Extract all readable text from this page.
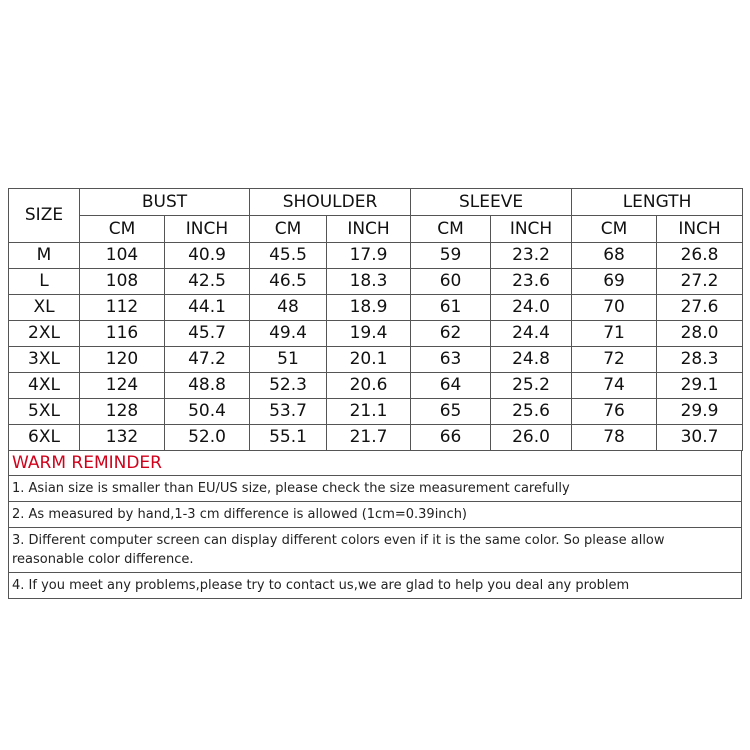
SIZE	BUST		SHOULDER		SLEEVE		LENGTH	
	CM	INCH	CM	INCH	CM	INCH	CM	INCH
M	104	40.9	45.5	17.9	59	23.2	68	26.8
L	108	42.5	46.5	18.3	60	23.6	69	27.2
XL	112	44.1	48	18.9	61	24.0	70	27.6
2XL	116	45.7	49.4	19.4	62	24.4	71	28.0
3XL	120	47.2	51	20.1	63	24.8	72	28.3
4XL	124	48.8	52.3	20.6	64	25.2	74	29.1
5XL	128	50.4	53.7	21.1	65	25.6	76	29.9
6XL	132	52.0	55.1	21.7	66	26.0	78	30.7
WARM REMINDER
1. Asian size is smaller than EU/US size, please check the size measurement carefully
2. As measured by hand,1-3 cm difference is allowed (1cm=0.39inch)
3. Different computer screen can display different colors even if it is the same color. So please allow reasonable color difference.
4. If you meet any problems,please try to contact us,we are glad to help you deal any problem
